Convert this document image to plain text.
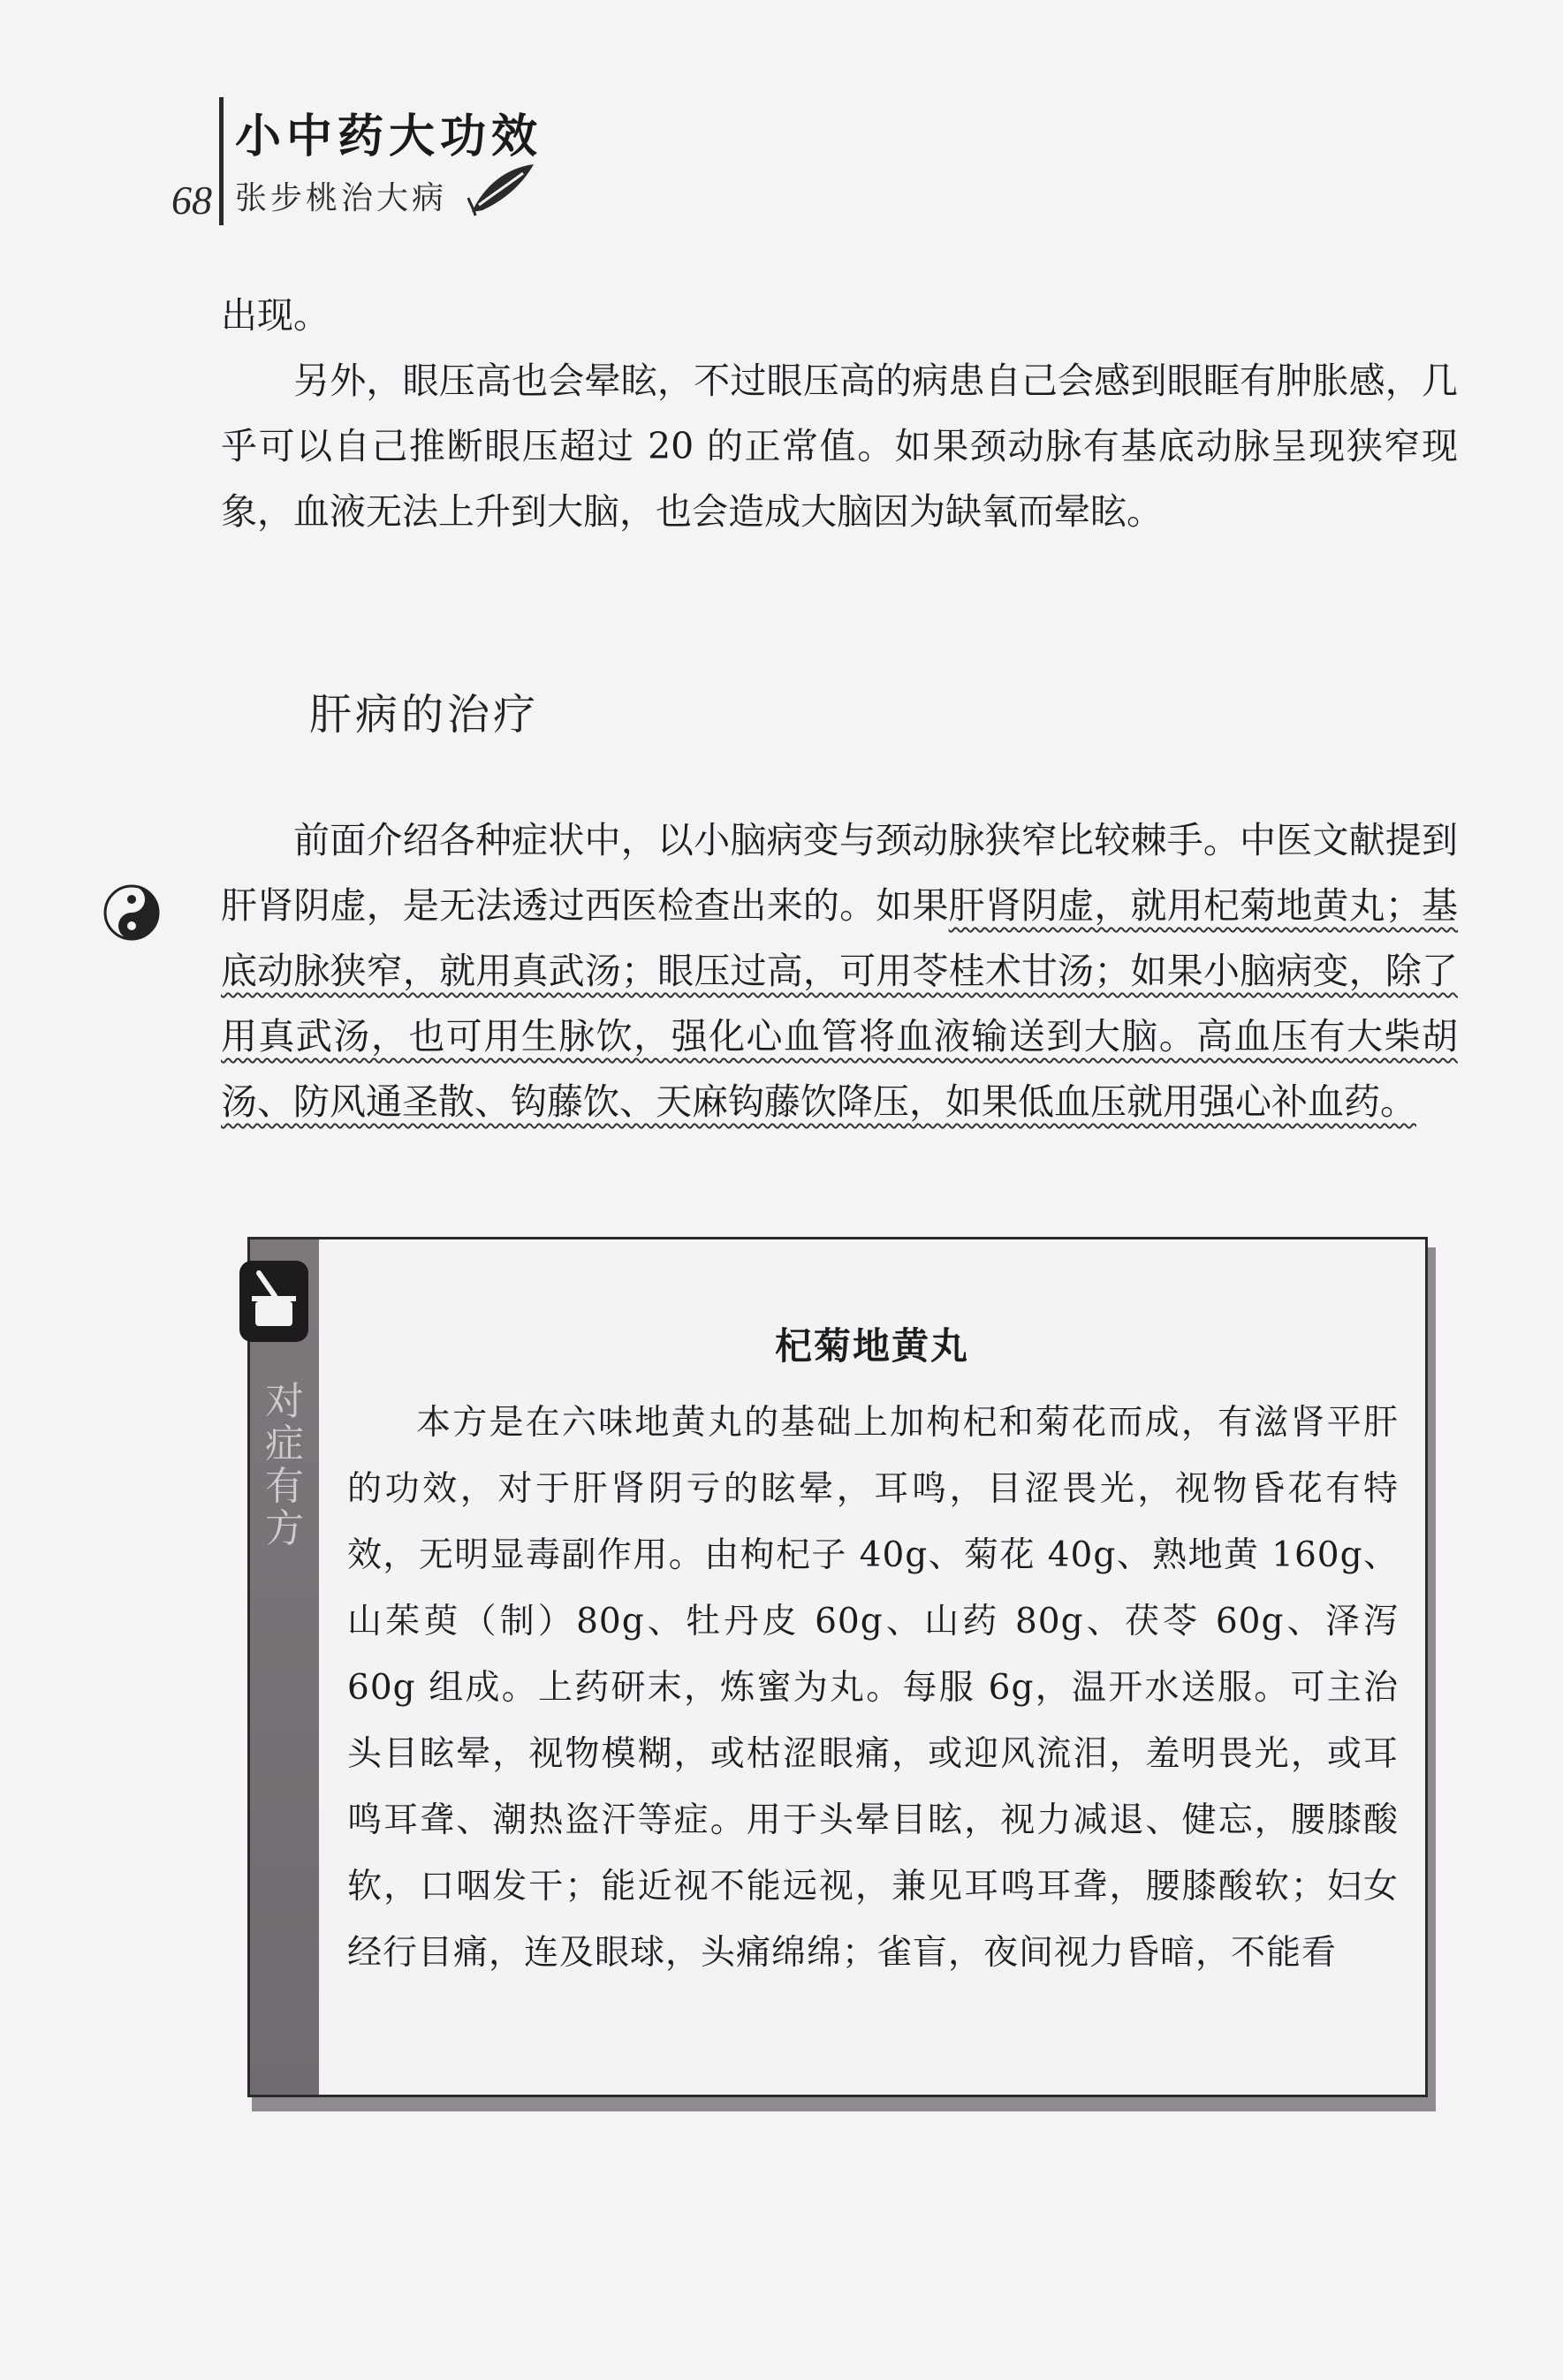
68
小中药大功效
张步桃治大病

出现。

另外，眼压高也会晕眩，不过眼压高的病患自己会感到眼眶有肿胀感，几乎可以自己推断眼压超过 20 的正常值。如果颈动脉有基底动脉呈现狭窄现象，血液无法上升到大脑，也会造成大脑因为缺氧而晕眩。

肝病的治疗

前面介绍各种症状中，以小脑病变与颈动脉狭窄比较棘手。中医文献提到肝肾阴虚，是无法透过西医检查出来的。如果肝肾阴虚，就用杞菊地黄丸；基底动脉狭窄，就用真武汤；眼压过高，可用苓桂术甘汤；如果小脑病变，除了用真武汤，也可用生脉饮，强化心血管将血液输送到大脑。高血压有大柴胡汤、防风通圣散、钩藤饮、天麻钩藤饮降压，如果低血压就用强心补血药。

对症有方
杞菊地黄丸
本方是在六味地黄丸的基础上加枸杞和菊花而成，有滋肾平肝的功效，对于肝肾阴亏的眩晕，耳鸣，目涩畏光，视物昏花有特效，无明显毒副作用。由枸杞子 40g、菊花 40g、熟地黄 160g、山茱萸（制）80g、牡丹皮 60g、山药 80g、茯苓 60g、泽泻 60g 组成。上药研末，炼蜜为丸。每服 6g，温开水送服。可主治头目眩晕，视物模糊，或枯涩眼痛，或迎风流泪，羞明畏光，或耳鸣耳聋、潮热盗汗等症。用于头晕目眩，视力减退、健忘，腰膝酸软，口咽发干；能近视不能远视，兼见耳鸣耳聋，腰膝酸软；妇女经行目痛，连及眼球，头痛绵绵；雀盲，夜间视力昏暗，不能看
